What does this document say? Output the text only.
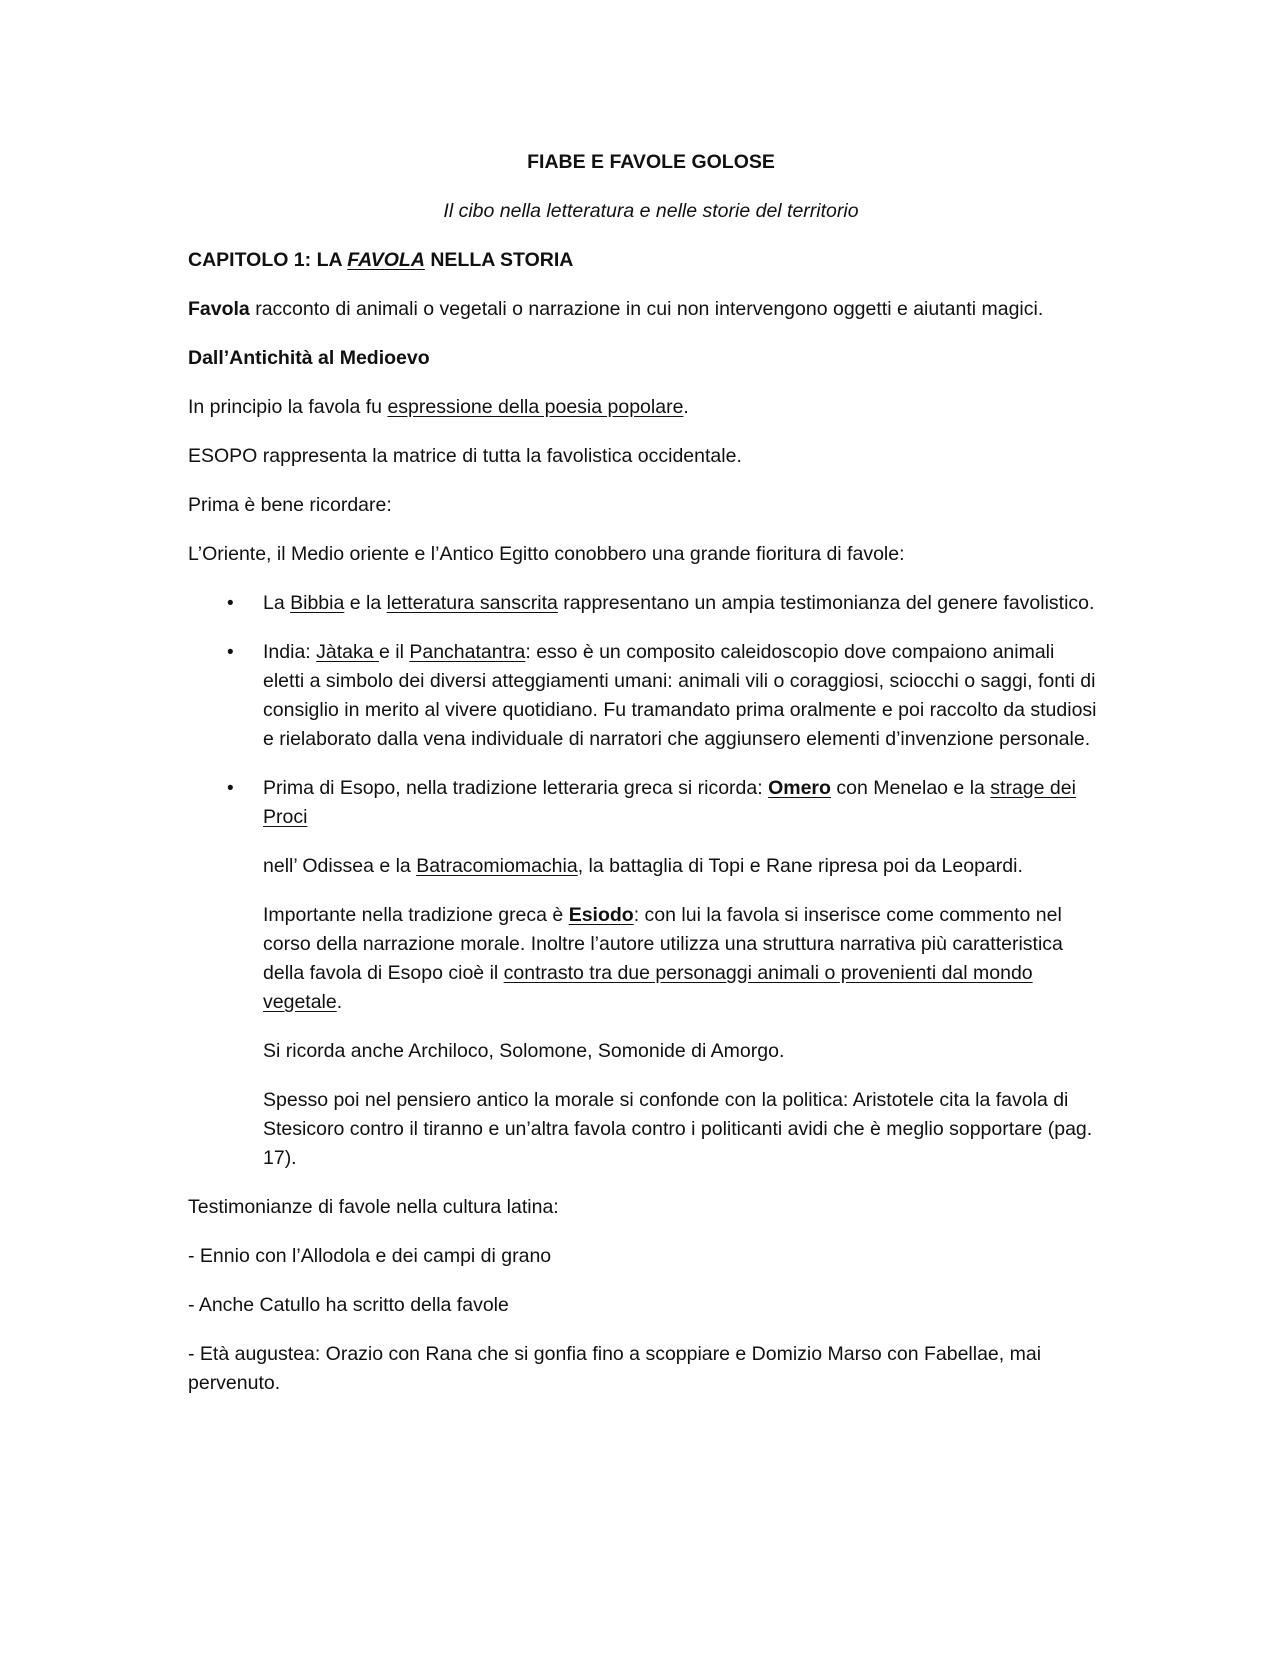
FIABE E FAVOLE GOLOSE

Il cibo nella letteratura e nelle storie del territorio

CAPITOLO 1: LA FAVOLA NELLA STORIA

Favola racconto di animali o vegetali o narrazione in cui non intervengono oggetti e aiutanti magici.

Dall’Antichità al Medioevo

In principio la favola fu espressione della poesia popolare.

ESOPO rappresenta la matrice di tutta la favolistica occidentale.

Prima è bene ricordare:

L’Oriente, il Medio oriente e l’Antico Egitto conobbero una grande fioritura di favole:

• La Bibbia e la letteratura sanscrita rappresentano un ampia testimonianza del genere favolistico.
• India: Jàtaka e il Panchatantra: esso è un composito caleidoscopio dove compaiono animali eletti a simbolo dei diversi atteggiamenti umani: animali vili o coraggiosi, sciocchi o saggi, fonti di consiglio in merito al vivere quotidiano. Fu tramandato prima oralmente e poi raccolto da studiosi e rielaborato dalla vena individuale di narratori che aggiunsero elementi d’invenzione personale.
• Prima di Esopo, nella tradizione letteraria greca si ricorda: Omero con Menelao e la strage dei Proci

nell’ Odissea e la Batracomiomachia, la battaglia di Topi e Rane ripresa poi da Leopardi.

Importante nella tradizione greca è Esiodo: con lui la favola si inserisce come commento nel corso della narrazione morale. Inoltre l’autore utilizza una struttura narrativa più caratteristica della favola di Esopo cioè il contrasto tra due personaggi animali o provenienti dal mondo vegetale.

Si ricorda anche Archiloco, Solomone, Somonide di Amorgo.

Spesso poi nel pensiero antico la morale si confonde con la politica: Aristotele cita la favola di Stesicoro contro il tiranno e un’altra favola contro i politicanti avidi che è meglio sopportare (pag. 17).

Testimonianze di favole nella cultura latina:

- Ennio con l’Allodola e dei campi di grano

- Anche Catullo ha scritto della favole

- Età augustea: Orazio con Rana che si gonfia fino a scoppiare e Domizio Marso con Fabellae, mai pervenuto.
